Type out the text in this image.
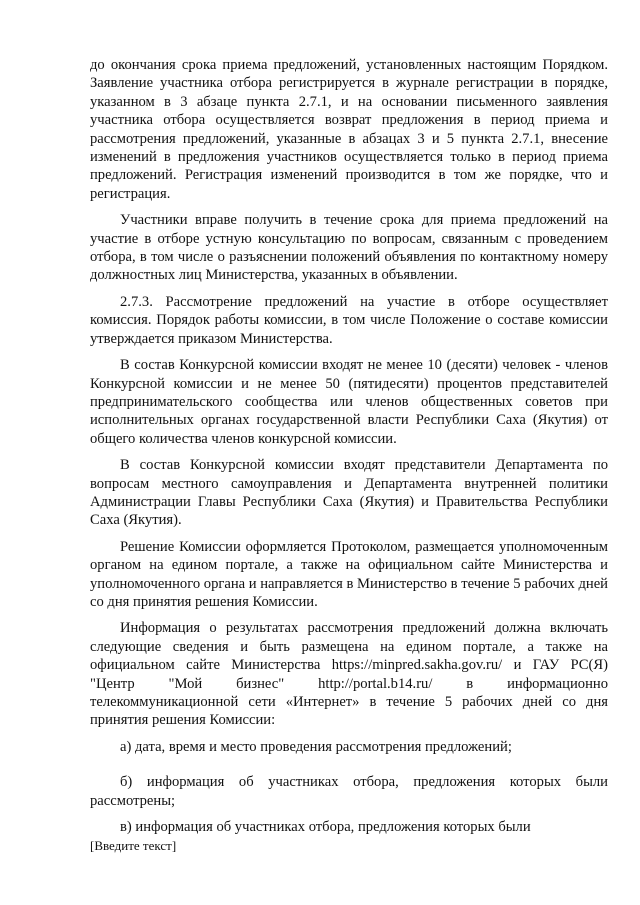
до окончания срока приема предложений, установленных настоящим Порядком. Заявление участника отбора регистрируется в журнале регистрации в порядке, указанном в 3 абзаце пункта 2.7.1, и на основании письменного заявления участника отбора осуществляется возврат предложения в период приема и рассмотрения предложений, указанные в абзацах 3 и 5 пункта 2.7.1, внесение изменений в предложения участников осуществляется только в период приема предложений. Регистрация изменений производится в том же порядке, что и регистрация.

Участники вправе получить в течение срока для приема предложений на участие в отборе устную консультацию по вопросам, связанным с проведением отбора, в том числе о разъяснении положений объявления по контактному номеру должностных лиц Министерства, указанных в объявлении.

2.7.3. Рассмотрение предложений на участие в отборе осуществляет комиссия. Порядок работы комиссии, в том числе Положение о составе комиссии утверждается приказом Министерства.

В состав Конкурсной комиссии входят не менее 10 (десяти) человек - членов Конкурсной комиссии и не менее 50 (пятидесяти) процентов представителей предпринимательского сообщества или членов общественных советов при исполнительных органах государственной власти Республики Саха (Якутия) от общего количества членов конкурсной комиссии.

В состав Конкурсной комиссии входят представители Департамента по вопросам местного самоуправления и Департамента внутренней политики Администрации Главы Республики Саха (Якутия) и Правительства Республики Саха (Якутия).

Решение Комиссии оформляется Протоколом, размещается уполномоченным органом на едином портале, а также на официальном сайте Министерства и уполномоченного органа и направляется в Министерство в течение 5 рабочих дней со дня принятия решения Комиссии.

Информация о результатах рассмотрения предложений должна включать следующие сведения и быть размещена на едином портале, а также на официальном сайте Министерства https://minpred.sakha.gov.ru/ и ГАУ РС(Я) "Центр "Мой бизнес" http://portal.b14.ru/ в информационно телекоммуникационной сети «Интернет» в течение 5 рабочих дней со дня принятия решения Комиссии:

а) дата, время и место проведения рассмотрения предложений;

б) информация об участниках отбора, предложения которых были рассмотрены;

в) информация об участниках отбора, предложения которых были

[Введите текст]
